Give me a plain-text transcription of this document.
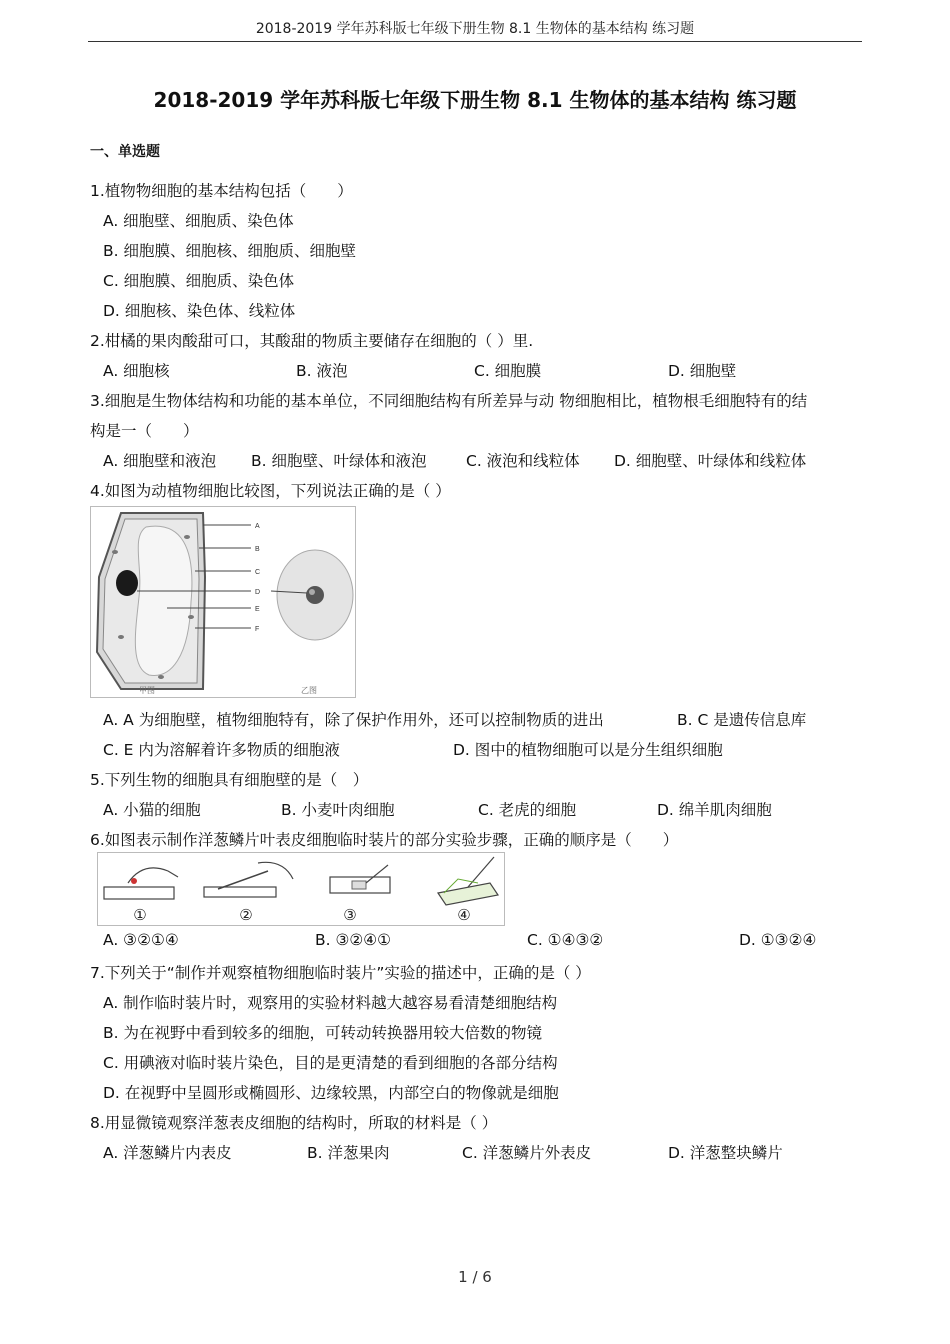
2018-2019 学年苏科版七年级下册生物 8.1 生物体的基本结构 练习题
2018-2019 学年苏科版七年级下册生物 8.1 生物体的基本结构 练习题
一、单选题
1.植物物细胞的基本结构包括（　　）
A. 细胞壁、细胞质、染色体
B. 细胞膜、细胞核、细胞质、细胞壁
C. 细胞膜、细胞质、染色体
D. 细胞核、染色体、线粒体
2.柑橘的果肉酸甜可口，其酸甜的物质主要储存在细胞的（ ）里.
A. 细胞核	B. 液泡	C. 细胞膜	D. 细胞壁
3.细胞是生物体结构和功能的基本单位，不同细胞结构有所差异与动 物细胞相比，植物根毛细胞特有的结
构是一（　　）
A. 细胞壁和液泡 B. 细胞壁、叶绿体和液泡	C. 液泡和线粒体 D. 细胞壁、叶绿体和线粒体
4.如图为动植物细胞比较图，下列说法正确的是（ ）
A
B
C
D
E
F
甲图	乙图
A. A 为细胞壁，植物细胞特有，除了保护作用外，还可以控制物质的进出	B. C 是遗传信息库
C. E 内为溶解着许多物质的细胞液	D. 图中的植物细胞可以是分生组织细胞
5.下列生物的细胞具有细胞壁的是（　）
A. 小猫的细胞	B. 小麦叶肉细胞	C. 老虎的细胞	D. 绵羊肌肉细胞
6.如图表示制作洋葱鳞片叶表皮细胞临时装片的部分实验步骤，正确的顺序是（　　）
①	②	③	④
A. ③②①④	B. ③②④①	C. ①④③②	D. ①③②④
7.下列关于“制作并观察植物细胞临时装片”实验的描述中，正确的是（ ）
A. 制作临时装片时，观察用的实验材料越大越容易看清楚细胞结构
B. 为在视野中看到较多的细胞，可转动转换器用较大倍数的物镜
C. 用碘液对临时装片染色，目的是更清楚的看到细胞的各部分结构
D. 在视野中呈圆形或椭圆形、边缘较黑，内部空白的物像就是细胞
8.用显微镜观察洋葱表皮细胞的结构时，所取的材料是（ ）
A. 洋葱鳞片内表皮	B. 洋葱果肉	C. 洋葱鳞片外表皮	D. 洋葱整块鳞片
1 / 6
